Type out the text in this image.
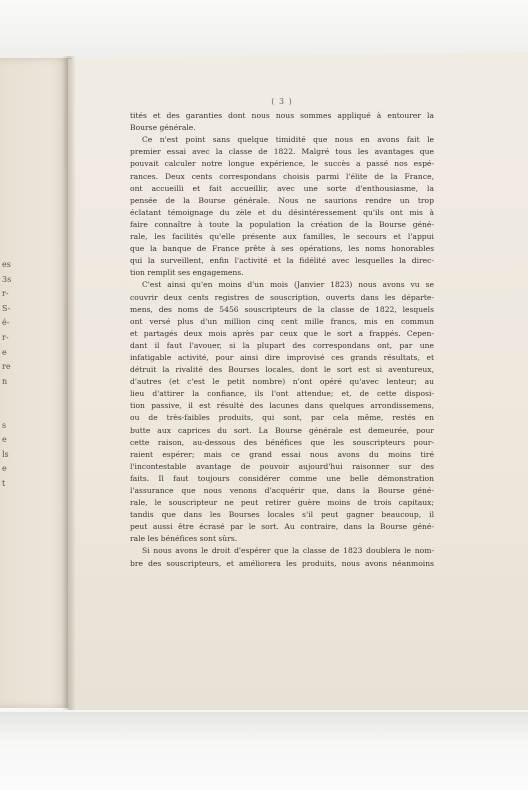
es
3s
r-
S-
é-
r-
e
re
n

s
e
ls
e
t
( 3 )
tités et des garanties dont nous nous sommes appliqué à entourer la
Bourse générale.
Ce n'est point sans quelque timidité que nous en avons fait le
premier essai avec la classe de 1822. Malgré tous les avantages que
pouvait calculer notre longue expérience, le succès a passé nos espé-
rances. Deux cents correspondans choisis parmi l'élite de la France,
ont accueilli et fait accueillir, avec une sorte d'enthousiasme, la
pensée de la Bourse générale. Nous ne saurions rendre un trop
éclatant témoignage du zèle et du désintéressement qu'ils ont mis à
faire connaître à toute la population la création de la Bourse géné-
rale, les facilités qu'elle présente aux familles, le secours et l'appui
que la banque de France prête à ses opérations, les noms honorables
qui la surveillent, enfin l'activité et la fidélité avec lesquelles la direc-
tion remplit ses engagemens.
C'est ainsi qu'en moins d'un mois (Janvier 1823) nous avons vu se
couvrir deux cents registres de souscription, ouverts dans les départe-
mens, des noms de 5456 souscripteurs de la classe de 1822, lesquels
ont versé plus d'un million cinq cent mille francs, mis en commun
et partagés deux mois après par ceux que le sort a frappés. Cepen-
dant il faut l'avouer, si la plupart des correspondans ont, par une
infatigable activité, pour ainsi dire improvisé ces grands résultats, et
détruit la rivalité des Bourses locales, dont le sort est si aventureux,
d'autres (et c'est le petit nombre) n'ont opéré qu'avec lenteur; au
lieu d'attirer la confiance, ils l'ont attendue; et, de cette disposi-
tion passive, il est résulté des lacunes dans quelques arrondissemens,
ou de très-faibles produits, qui sont, par cela même, restés en
butte aux caprices du sort. La Bourse générale est demeurée, pour
cette raison, au-dessous des bénéfices que les souscripteurs pour-
raient espérer; mais ce grand essai nous avons du moins tiré
l'incontestable avantage de pouvoir aujourd'hui raisonner sur des
faits. Il faut toujours considérer comme une belle démonstration
l'assurance que nous venons d'acquérir que, dans la Bourse géné-
rale, le souscripteur ne peut retirer guère moins de trois capitaux;
tandis que dans les Bourses locales s'il peut gagner beaucoup, il
peut aussi être écrasé par le sort. Au contraire, dans la Bourse géné-
rale les bénéfices sont sûrs.
Si nous avons le droit d'espérer que la classe de 1823 doublera le nom-
bre des souscripteurs, et améliorera les produits, nous avons néanmoins
